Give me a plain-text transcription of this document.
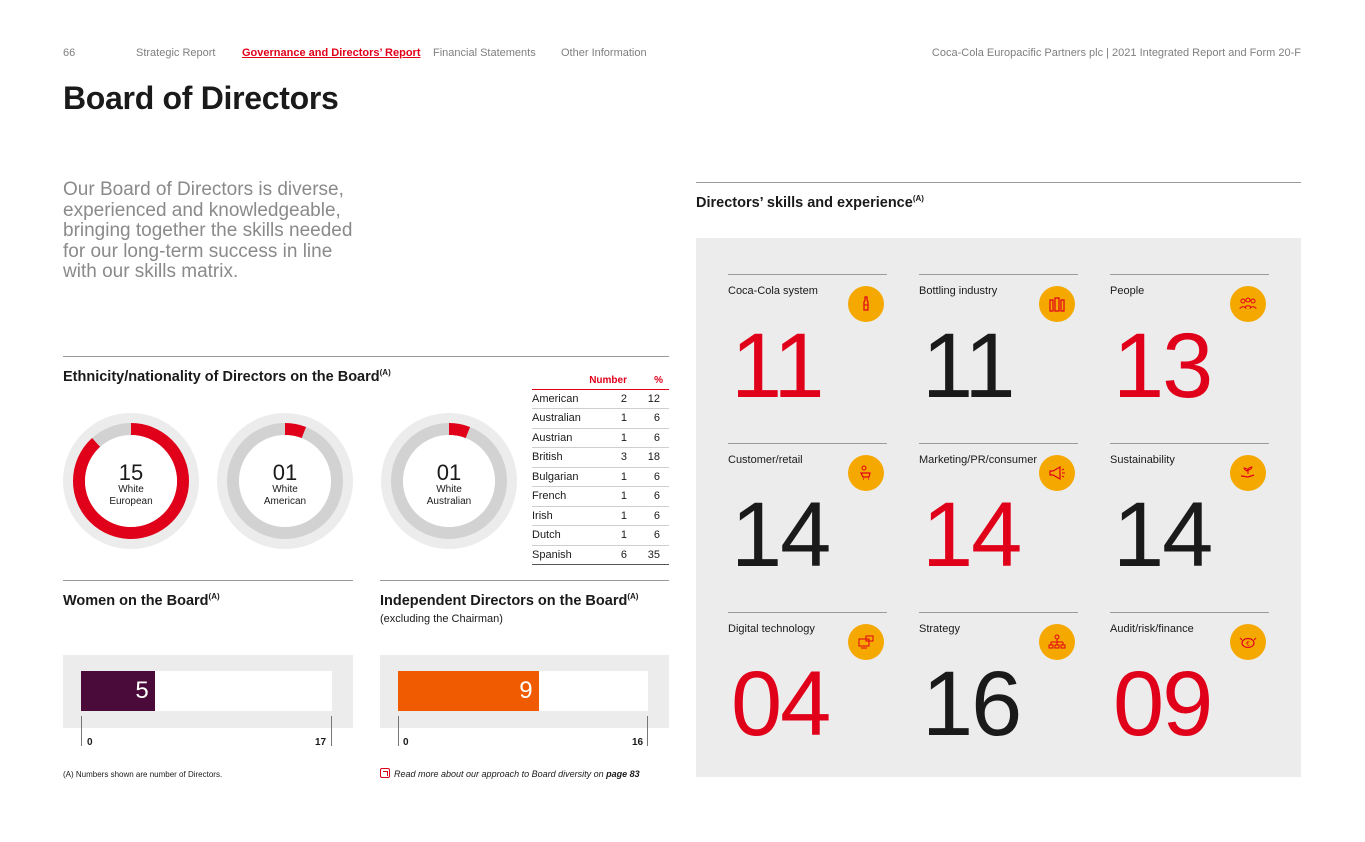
66	Strategic Report Governance and Directors’ Report Financial Statements Other Information	Coca-Cola Europacific Partners plc | 2021 Integrated Report and Form 20-F
Board of Directors

Our Board of Directors is diverse, experienced and knowledgeable, bringing together the skills needed for our long-term success in line with our skills matrix.

Ethnicity/nationality of Directors on the Board$^{(A)}$
15
White
European
01
White
American
01
White
Australian
	Number	%
American	2	12
Australian	1	6
Austrian	1	6
British	3	18
Bulgarian	1	6
French	1	6
Irish	1	6
Dutch	1	6
Spanish	6	35
Women on the Board$^{(A)}$
5
0	17
Independent Directors on the Board$^{(A)}$
(excluding the Chairman)
9
0	16
(A) Numbers shown are number of Directors.	Read more about our approach to Board diversity on page 83
Directors’ skills and experience$^{(A)}$
Coca-Cola system
11
Bottling industry
11
People
13
Customer/retail
14
Marketing/PR/consumer
14
Sustainability
14
Digital technology
04
Strategy
16
Audit/risk/finance
€
09
